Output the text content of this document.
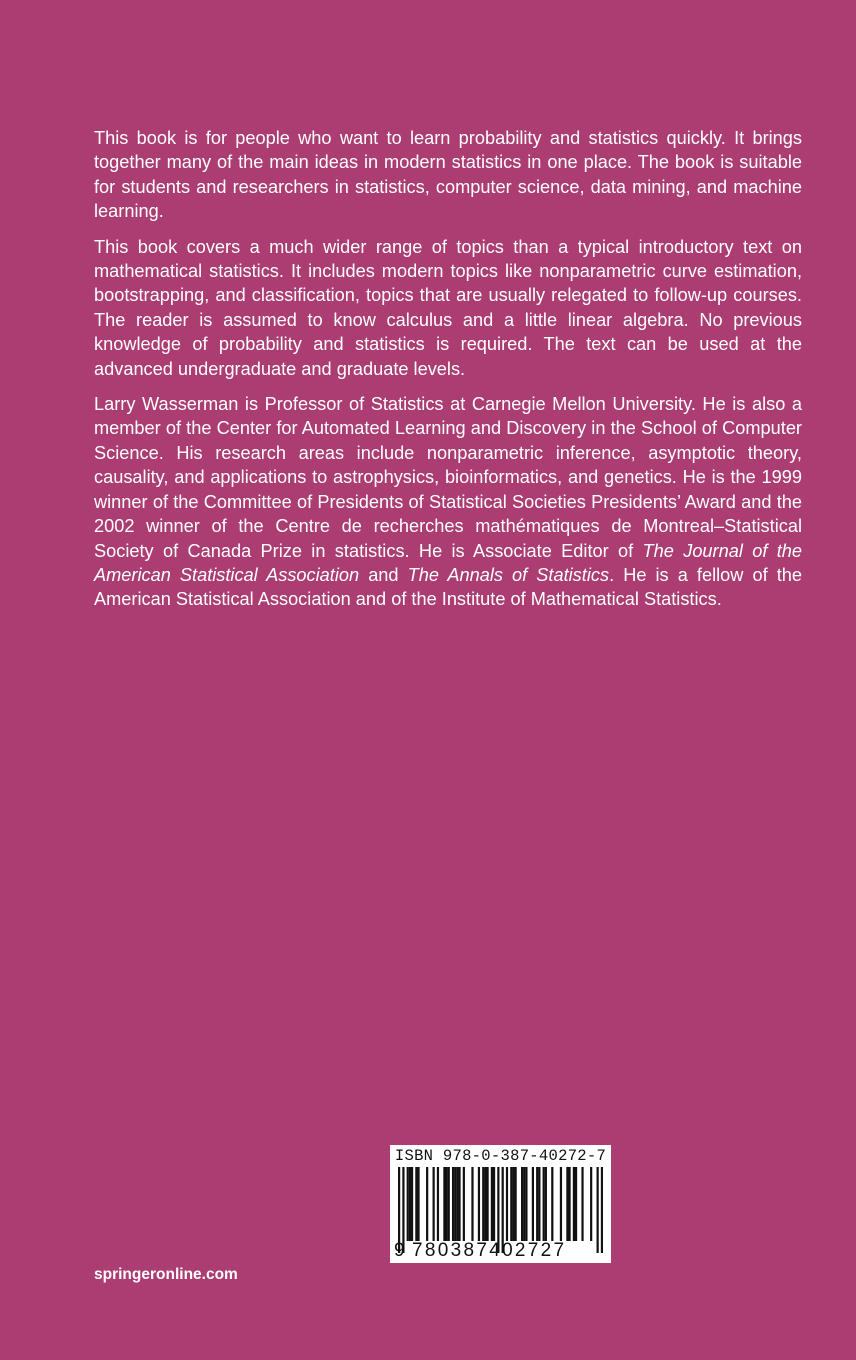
This book is for people who want to learn probability and statistics quickly. It brings together many of the main ideas in modern statistics in one place. The book is suitable for students and researchers in statistics, computer science, data mining, and machine learning.

This book covers a much wider range of topics than a typical introductory text on mathematical statistics. It includes modern topics like nonparametric curve estimation, bootstrapping, and classification, topics that are usually relegated to follow-up courses. The reader is assumed to know calculus and a little linear algebra. No previous knowledge of probability and statistics is required. The text can be used at the advanced undergraduate and graduate levels.

Larry Wasserman is Professor of Statistics at Carnegie Mellon University. He is also a member of the Center for Automated Learning and Discovery in the School of Computer Science. His research areas include nonparametric inference, asymptotic theory, causality, and applications to astrophysics, bioinformatics, and genetics. He is the 1999 winner of the Committee of Presidents of Statistical Societies Presidents’ Award and the 2002 winner of the Centre de recherches mathématiques de Montreal–Statistical Society of Canada Prize in statistics. He is Associate Editor of The Journal of the American Statistical Association and The Annals of Statistics. He is a fellow of the American Statistical Association and of the Institute of Mathematical Statistics.

ISBN 978-0-387-40272-7
9 780387402727
springeronline.com
